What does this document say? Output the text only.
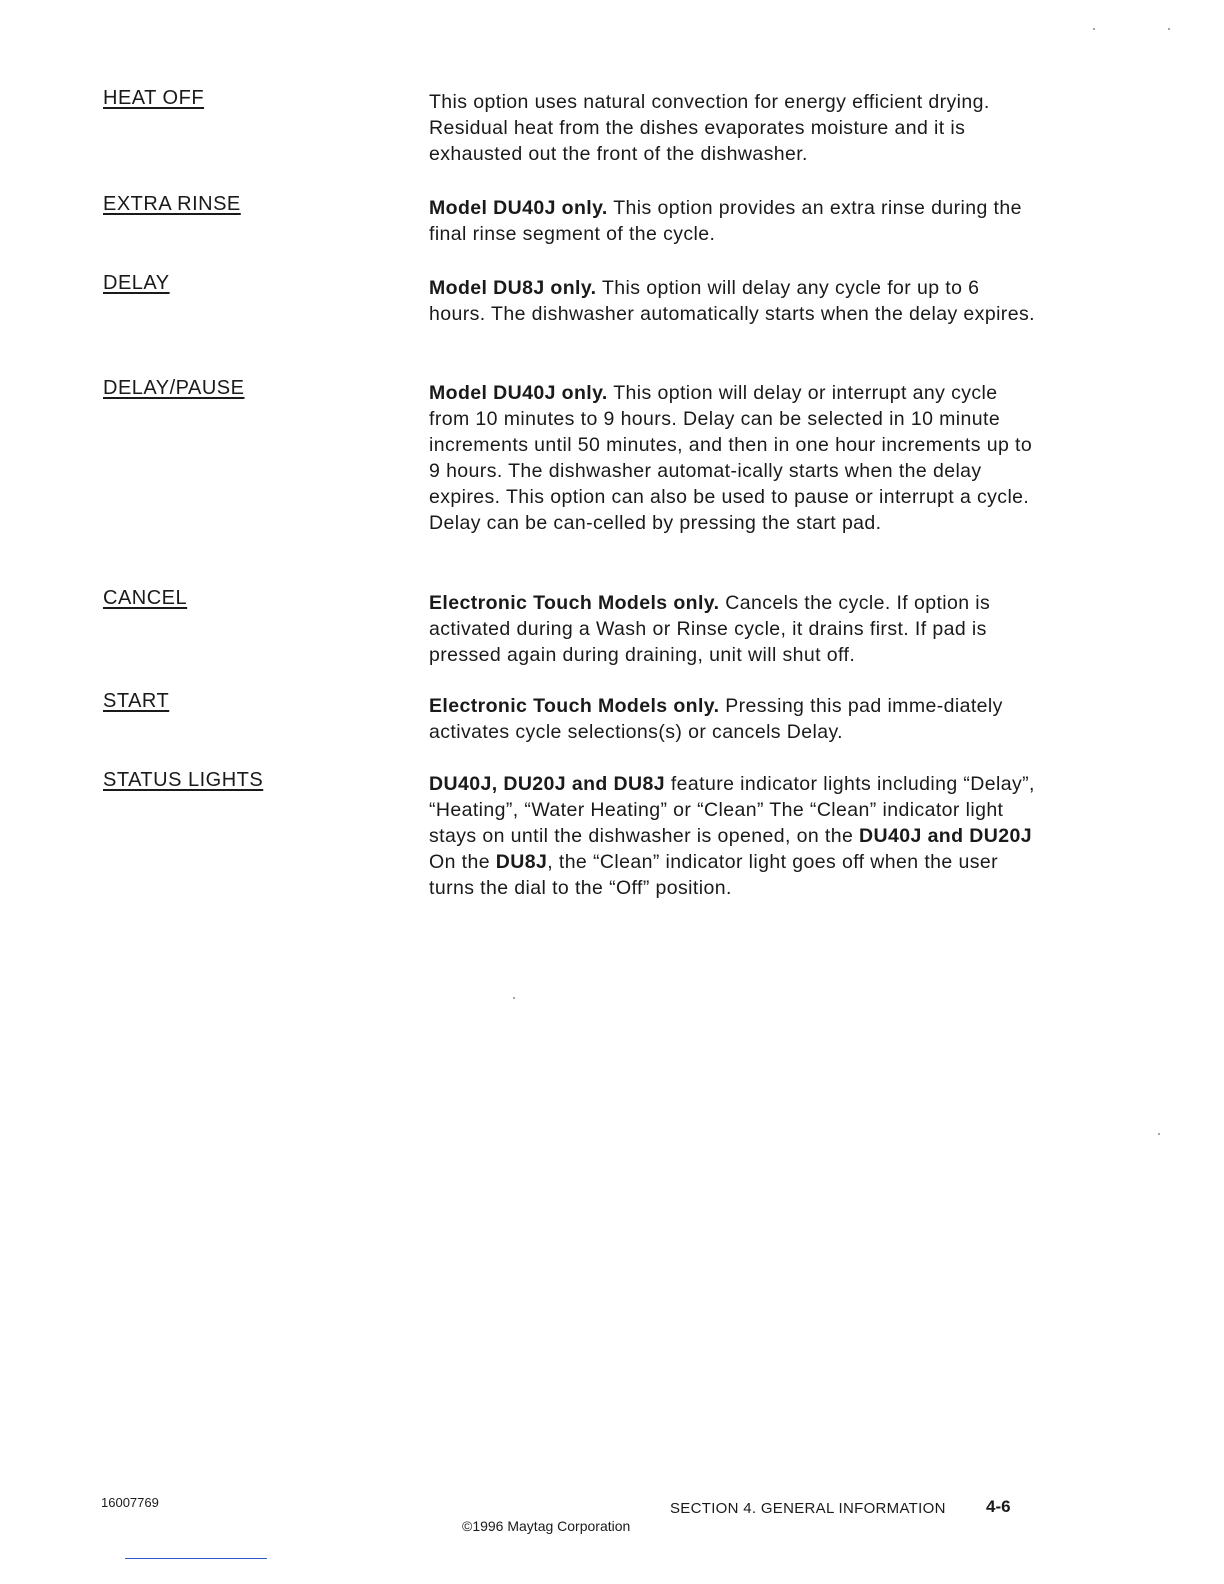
HEAT OFF	This option uses natural convection for energy efficient drying. Residual heat from the dishes evaporates moisture and it is exhausted out the front of the dishwasher.
EXTRA RINSE	Model DU40J only. This option provides an extra rinse during the final rinse segment of the cycle.
DELAY	Model DU8J only. This option will delay any cycle for up to 6 hours. The dishwasher automatically starts when the delay expires.
DELAY/PAUSE	Model DU40J only. This option will delay or interrupt any cycle from 10 minutes to 9 hours. Delay can be selected in 10 minute increments until 50 minutes, and then in one hour increments up to 9 hours. The dishwasher automat-ically starts when the delay expires. This option can also be used to pause or interrupt a cycle. Delay can be can-celled by pressing the start pad.
CANCEL	Electronic Touch Models only. Cancels the cycle. If option is activated during a Wash or Rinse cycle, it drains first. If pad is pressed again during draining, unit will shut off.
START	Electronic Touch Models only. Pressing this pad imme-diately activates cycle selections(s) or cancels Delay.
STATUS LIGHTS	DU40J, DU20J and DU8J feature indicator lights including “Delay”, “Heating”, “Water Heating” or “Clean” The “Clean” indicator light stays on until the dishwasher is opened, on the DU40J and DU20J On the DU8J, the “Clean” indicator light goes off when the user turns the dial to the “Off” position.
16007769	SECTION 4. GENERAL INFORMATION 4-6
©1996 Maytag Corporation
